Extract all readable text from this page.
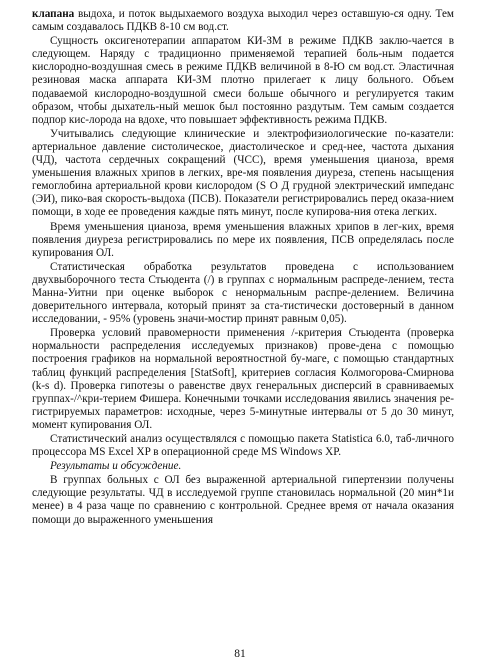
клапана выдоха, и поток выдыхаемого воздуха выходил через оставшую-ся одну. Тем самым создавалось ПДКВ 8-10 см вод.ст.

Сущность оксигенотерапии аппаратом КИ-ЗМ в режиме ПДКВ заклю-чается в следующем. Наряду с традиционно применяемой терапией боль-ным подается кислородно-воздушная смесь в режиме ПДКВ величиной в 8-Ю см вод.ст. Эластичная резиновая маска аппарата КИ-ЗМ плотно прилегает к лицу больного. Объем подаваемой кислородно-воздушной смеси больше обычного и регулируется таким образом, чтобы дыхатель-ный мешок был постоянно раздутым. Тем самым создается подпор кис-лорода на вдохе, что повышает эффективность режима ПДКВ.

Учитывались следующие клинические и электрофизиологические по-казатели: артериальное давление систолическое, диастолическое и сред-нее, частота дыхания (ЧД), частота сердечных сокращений (ЧСС), время уменьшения цианоза, время уменьшения влажных хрипов в легких, вре-мя появления диуреза, степень насыщения гемоглобина артериальной крови кислородом (S О Д грудной электрический импеданс (ЭИ), пико-вая скорость-выдоха (ПСВ). Показатели регистрировались перед оказа-нием помощи, в ходе ее проведения каждые пять минут, после купирова-ния отека легких.

Время уменьшения цианоза, время уменьшения влажных хрипов в лег-ких, время появления диуреза регистрировались по мере их появления, ПСВ определялась после купирования ОЛ.

Статистическая обработка результатов проведена с использованием двухвыборочного теста Стьюдента (/) в группах с нормальным распреде-лением, теста Манна-Уитни при оценке выборок с ненормальным распре-делением. Величина доверительного интервала, который принят за ста-тистически достоверный в данном исследовании, - 95% (уровень значи-мостир принят равным 0,05).

Проверка условий правомерности применения /-критерия Стьюдента (проверка нормальности распределения исследуемых признаков) прове-дена с помощью построения графиков на нормальной вероятностной бу-маге, с помощью стандартных таблиц функций распределения [StatSoft], критериев согласия Колмогорова-Смирнова (k-s d). Проверка гипотезы о равенстве двух генеральных дисперсий в сравниваемых группах-/^кри-терием Фишера. Конечными точками исследования явились значения ре-гистрируемых параметров: исходные, через 5-минутные интервалы от 5 до 30 минут, момент купирования ОЛ.

Статистический анализ осуществлялся с помощью пакета Statistica 6.0, таб-личного процессора MS Excel XP в операционной среде MS Windows XP.

Результаты и обсуждение.

В группах больных с ОЛ без выраженной артериальной гипертензии получены следующие результаты. ЧД в исследуемой группе становилась нормальной (20 мин*1и менее) в 4 раза чаще по сравнению с контрольной. Среднее время от начала оказания помощи до выраженного уменьшения

81
